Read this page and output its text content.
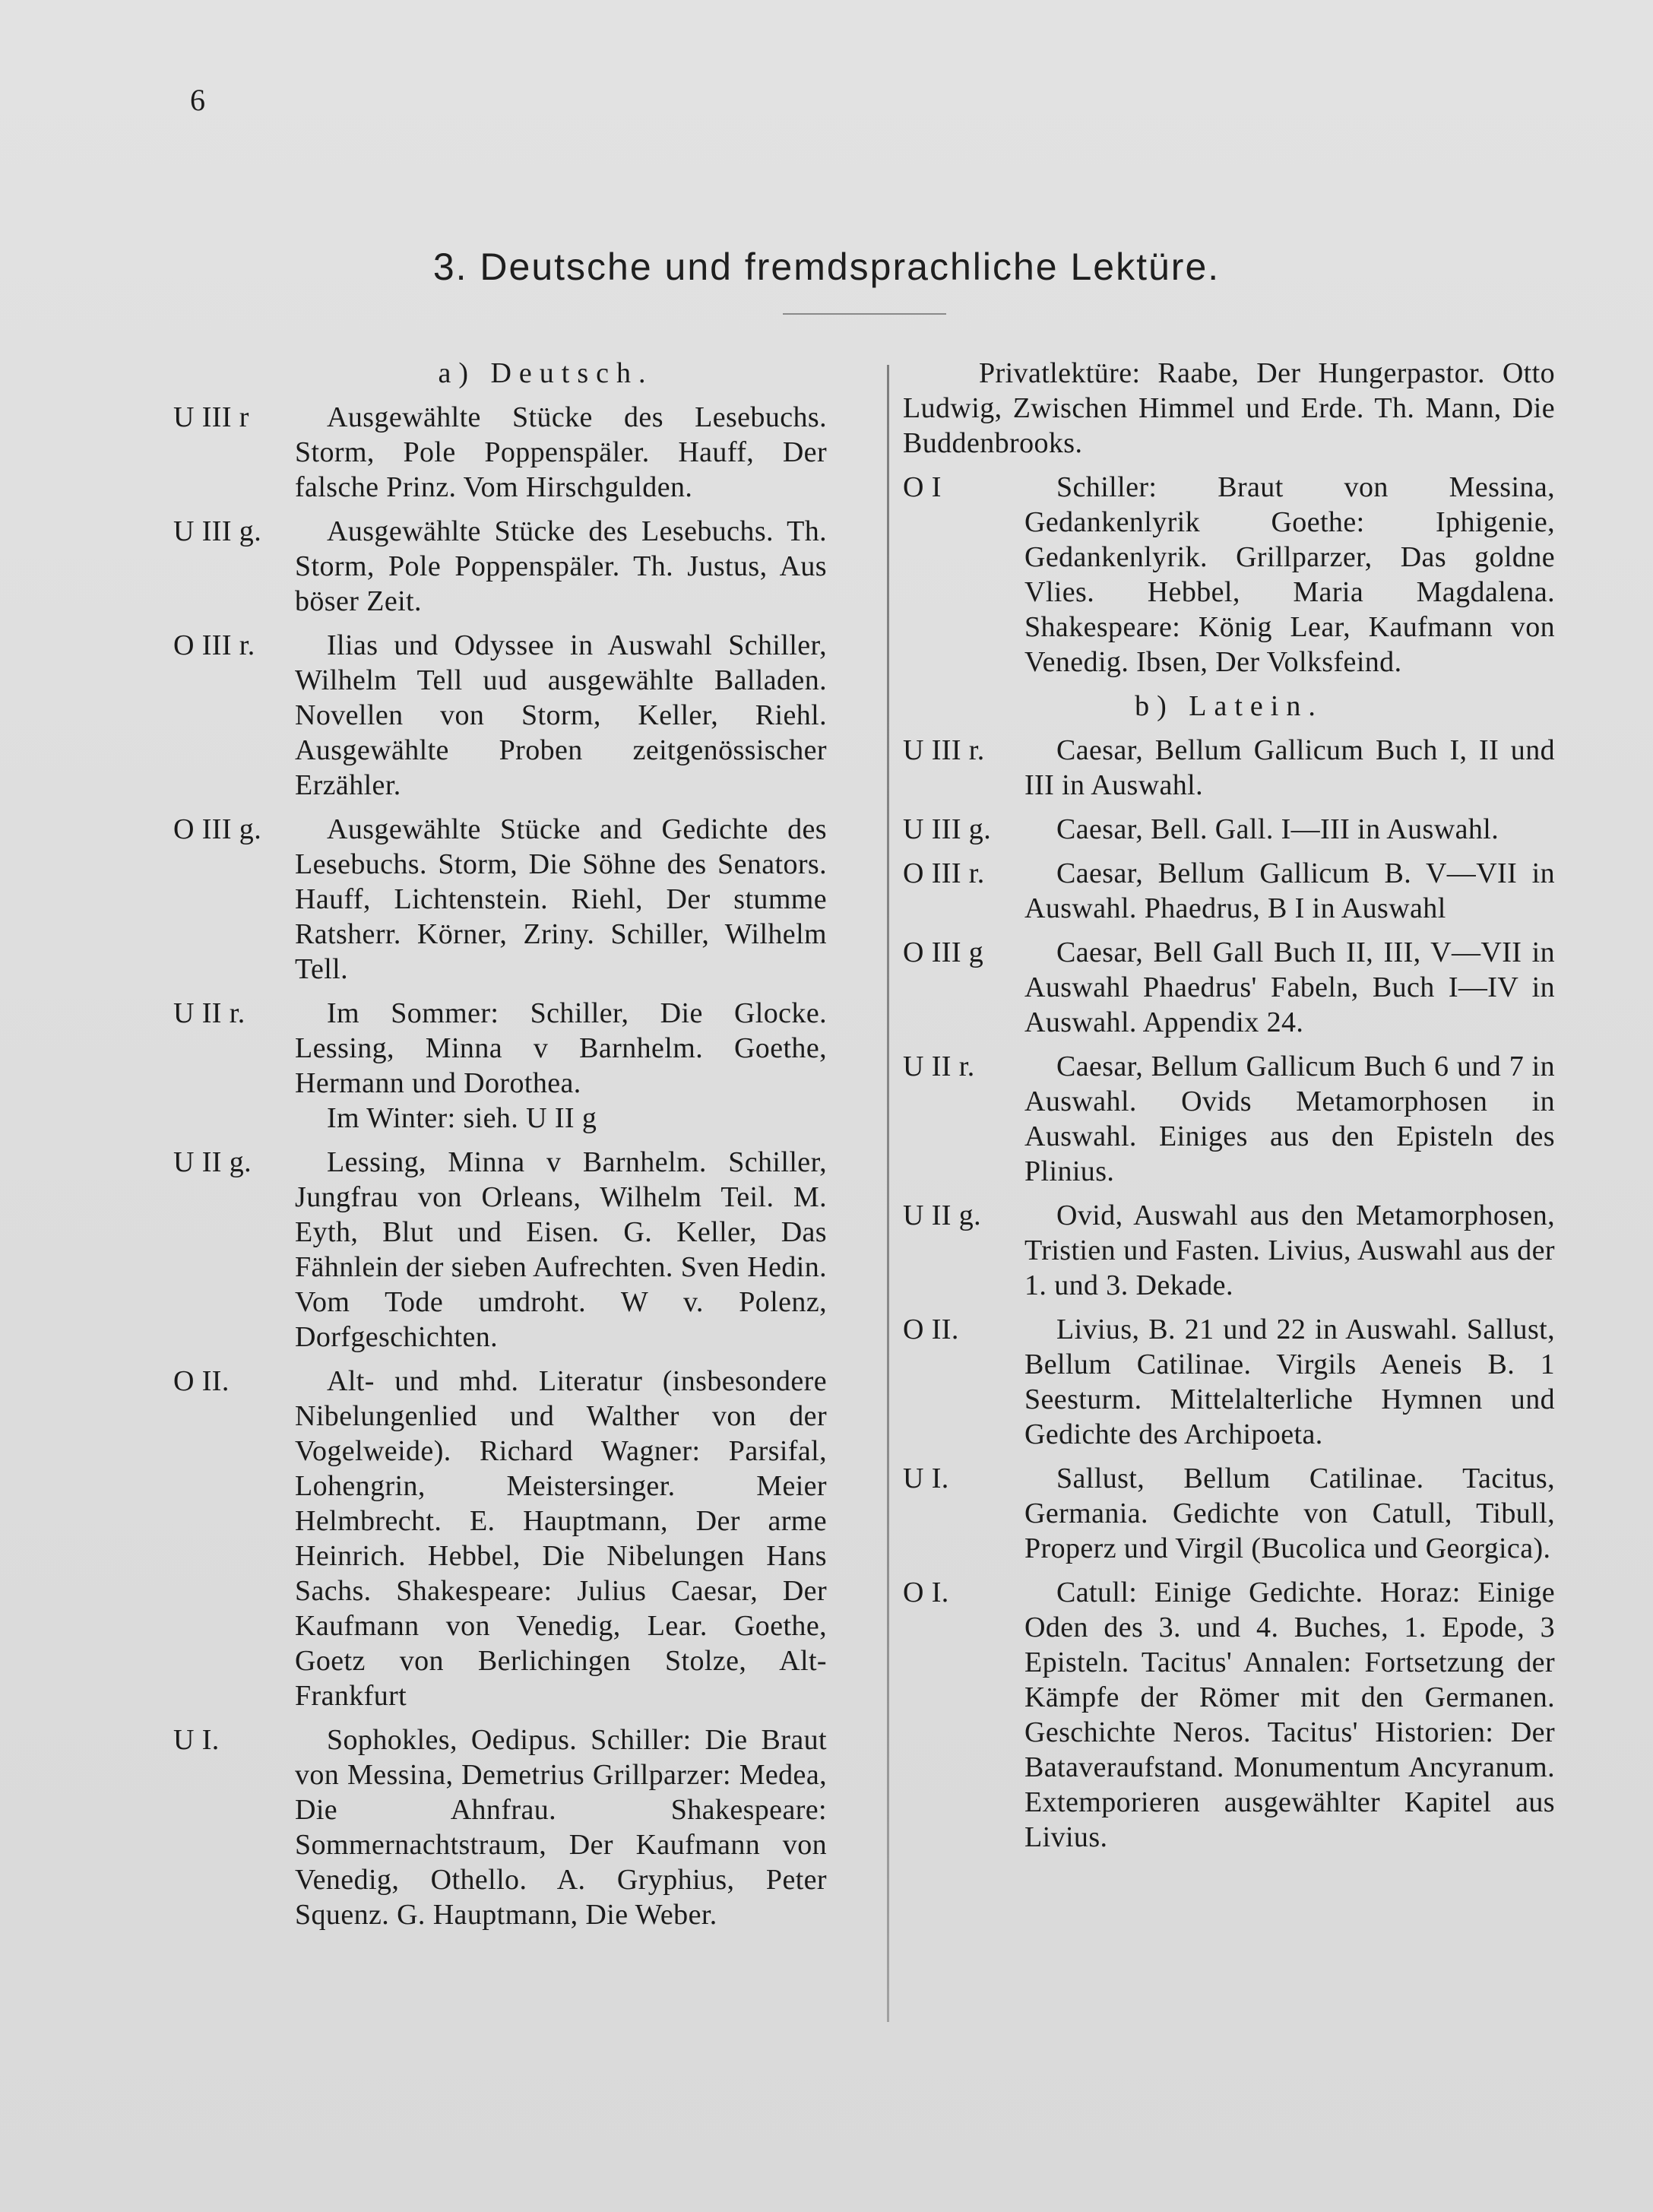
6
3. Deutsche und fremdsprachliche Lektüre.
a) Deutsch.
U III r	Ausgewählte Stücke des Lesebuchs. Storm, Pole Poppenspäler. Hauff, Der falsche Prinz. Vom Hirschgulden.
U III g.	Ausgewählte Stücke des Lesebuchs. Th. Storm, Pole Poppenspäler. Th. Justus, Aus böser Zeit.
O III r.	Ilias und Odyssee in Auswahl Schiller, Wilhelm Tell uud ausgewählte Balladen. Novellen von Storm, Keller, Riehl. Ausgewählte Proben zeitgenössischer Erzähler.
O III g.	Ausgewählte Stücke and Gedichte des Lesebuchs. Storm, Die Söhne des Senators. Hauff, Lichtenstein. Riehl, Der stumme Ratsherr. Körner, Zriny. Schiller, Wilhelm Tell.
U II r.	Im Sommer: Schiller, Die Glocke. Lessing, Minna v Barnhelm. Goethe, Hermann und Dorothea.
Im Winter: sieh. U II g
U II g.	Lessing, Minna v Barnhelm. Schiller, Jungfrau von Orleans, Wilhelm Teil. M. Eyth, Blut und Eisen. G. Keller, Das Fähnlein der sieben Aufrechten. Sven Hedin. Vom Tode umdroht. W v. Polenz, Dorfgeschichten.
O II.	Alt- und mhd. Literatur (insbesondere Nibelungenlied und Walther von der Vogelweide). Richard Wagner: Parsifal, Lohengrin, Meistersinger. Meier Helmbrecht. E. Hauptmann, Der arme Heinrich. Hebbel, Die Nibelungen Hans Sachs. Shakespeare: Julius Caesar, Der Kaufmann von Venedig, Lear. Goethe, Goetz von Berlichingen Stolze, Alt-Frankfurt
U I.	Sophokles, Oedipus. Schiller: Die Braut von Messina, Demetrius Grillparzer: Medea, Die Ahnfrau. Shakespeare: Sommernachtstraum, Der Kaufmann von Venedig, Othello. A. Gryphius, Peter Squenz. G. Hauptmann, Die Weber.
Privatlektüre: Raabe, Der Hungerpastor. Otto Ludwig, Zwischen Himmel und Erde. Th. Mann, Die Buddenbrooks.
O I	Schiller: Braut von Messina, Gedankenlyrik Goethe: Iphigenie, Gedankenlyrik. Grillparzer, Das goldne Vlies. Hebbel, Maria Magdalena. Shakespeare: König Lear, Kaufmann von Venedig. Ibsen, Der Volksfeind.
b) Latein.
U III r.	Caesar, Bellum Gallicum Buch I, II und III in Auswahl.
U III g.	Caesar, Bell. Gall. I—III in Auswahl.
O III r.	Caesar, Bellum Gallicum B. V—VII in Auswahl. Phaedrus, B I in Auswahl
O III g	Caesar, Bell Gall Buch II, III, V—VII in Auswahl Phaedrus' Fabeln, Buch I—IV in Auswahl. Appendix 24.
U II r.	Caesar, Bellum Gallicum Buch 6 und 7 in Auswahl. Ovids Metamorphosen in Auswahl. Einiges aus den Episteln des Plinius.
U II g.	Ovid, Auswahl aus den Metamorphosen, Tristien und Fasten. Livius, Auswahl aus der 1. und 3. Dekade.
O II.	Livius, B. 21 und 22 in Auswahl. Sallust, Bellum Catilinae. Virgils Aeneis B. 1 Seesturm. Mittelalterliche Hymnen und Gedichte des Archipoeta.
U I.	Sallust, Bellum Catilinae. Tacitus, Germania. Gedichte von Catull, Tibull, Properz und Virgil (Bucolica und Georgica).
O I.	Catull: Einige Gedichte. Horaz: Einige Oden des 3. und 4. Buches, 1. Epode, 3 Episteln. Tacitus' Annalen: Fortsetzung der Kämpfe der Römer mit den Germanen. Geschichte Neros. Tacitus' Historien: Der Bataveraufstand. Monumentum Ancyranum. Extemporieren ausgewählter Kapitel aus Livius.
